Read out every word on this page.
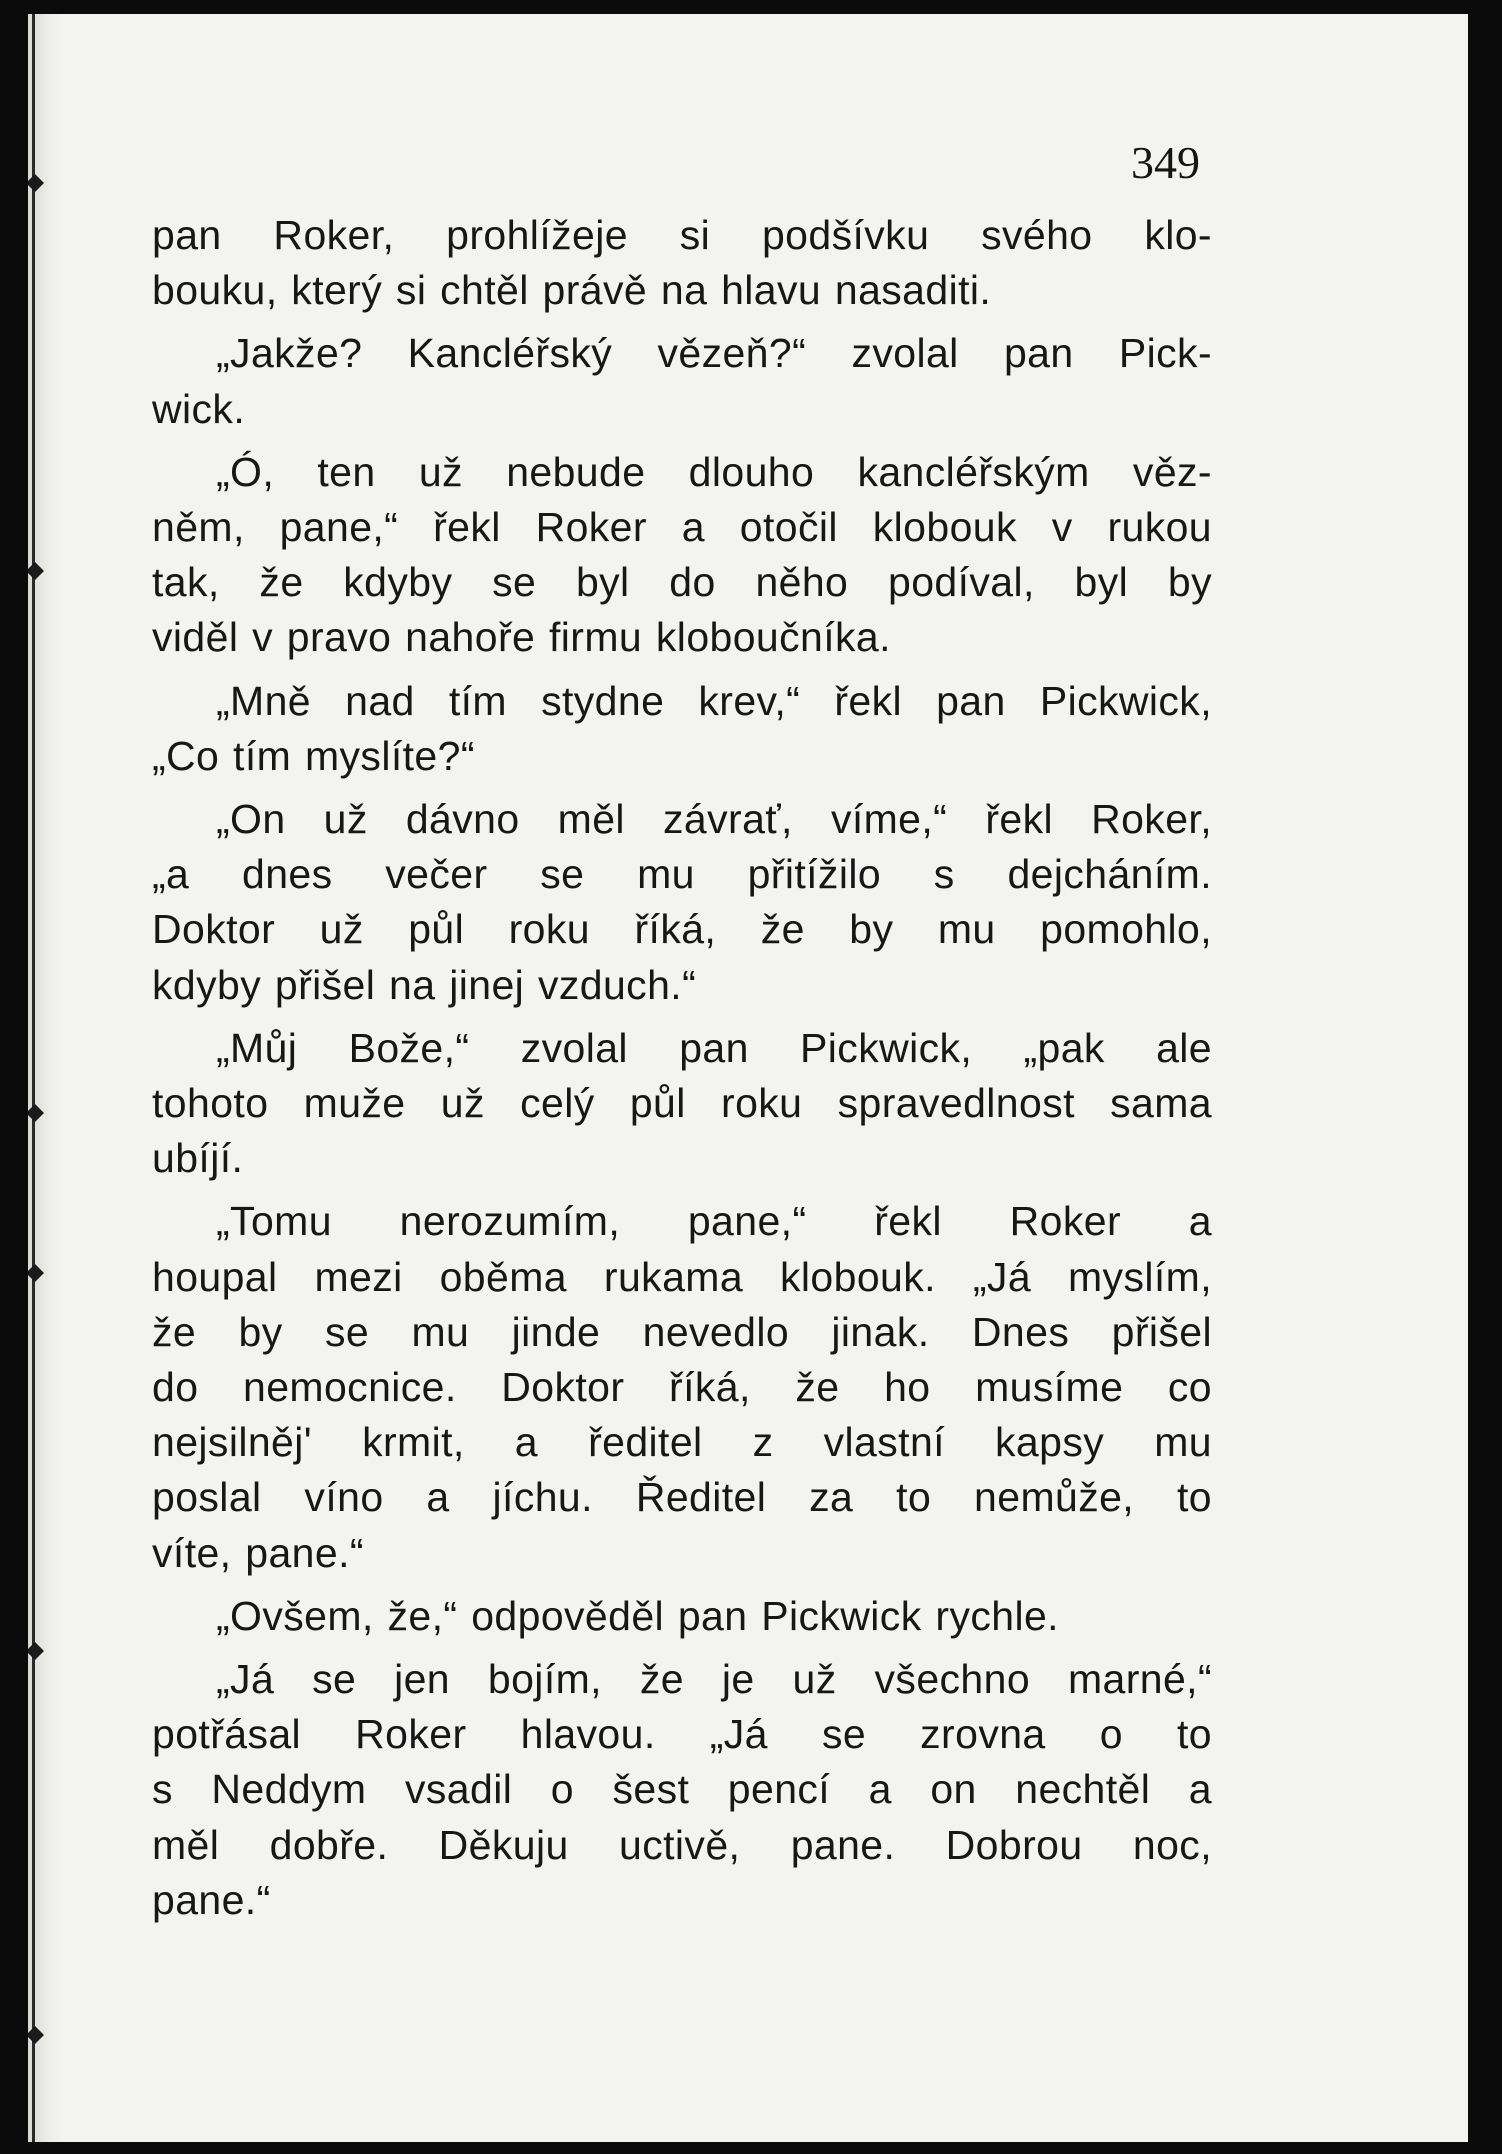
349
pan Roker, prohlížeje si podšívku svého klo-
bouku, který si chtěl právě na hlavu nasaditi.
„Jakže? Kancléřský vězeň?“ zvolal pan Pick-
wick.
„Ó, ten už nebude dlouho kancléřským věz-
něm, pane,“ řekl Roker a otočil klobouk v rukou
tak, že kdyby se byl do něho podíval, byl by
viděl v pravo nahoře firmu kloboučníka.
„Mně nad tím stydne krev,“ řekl pan Pickwick,
„Co tím myslíte?“
„On už dávno měl závrať, víme,“ řekl Roker,
„a dnes večer se mu přitížilo s dejcháním.
Doktor už půl roku říká, že by mu pomohlo,
kdyby přišel na jinej vzduch.“
„Můj Bože,“ zvolal pan Pickwick, „pak ale
tohoto muže už celý půl roku spravedlnost sama
ubíjí.
„Tomu nerozumím, pane,“ řekl Roker a
houpal mezi oběma rukama klobouk. „Já myslím,
že by se mu jinde nevedlo jinak. Dnes přišel
do nemocnice. Doktor říká, že ho musíme co
nejsilněj' krmit, a ředitel z vlastní kapsy mu
poslal víno a jíchu. Ředitel za to nemůže, to
víte, pane.“
„Ovšem, že,“ odpověděl pan Pickwick rychle.
„Já se jen bojím, že je už všechno marné,“
potřásal Roker hlavou. „Já se zrovna o to
s Neddym vsadil o šest pencí a on nechtěl a
měl dobře. Děkuju uctivě, pane. Dobrou noc,
pane.“
